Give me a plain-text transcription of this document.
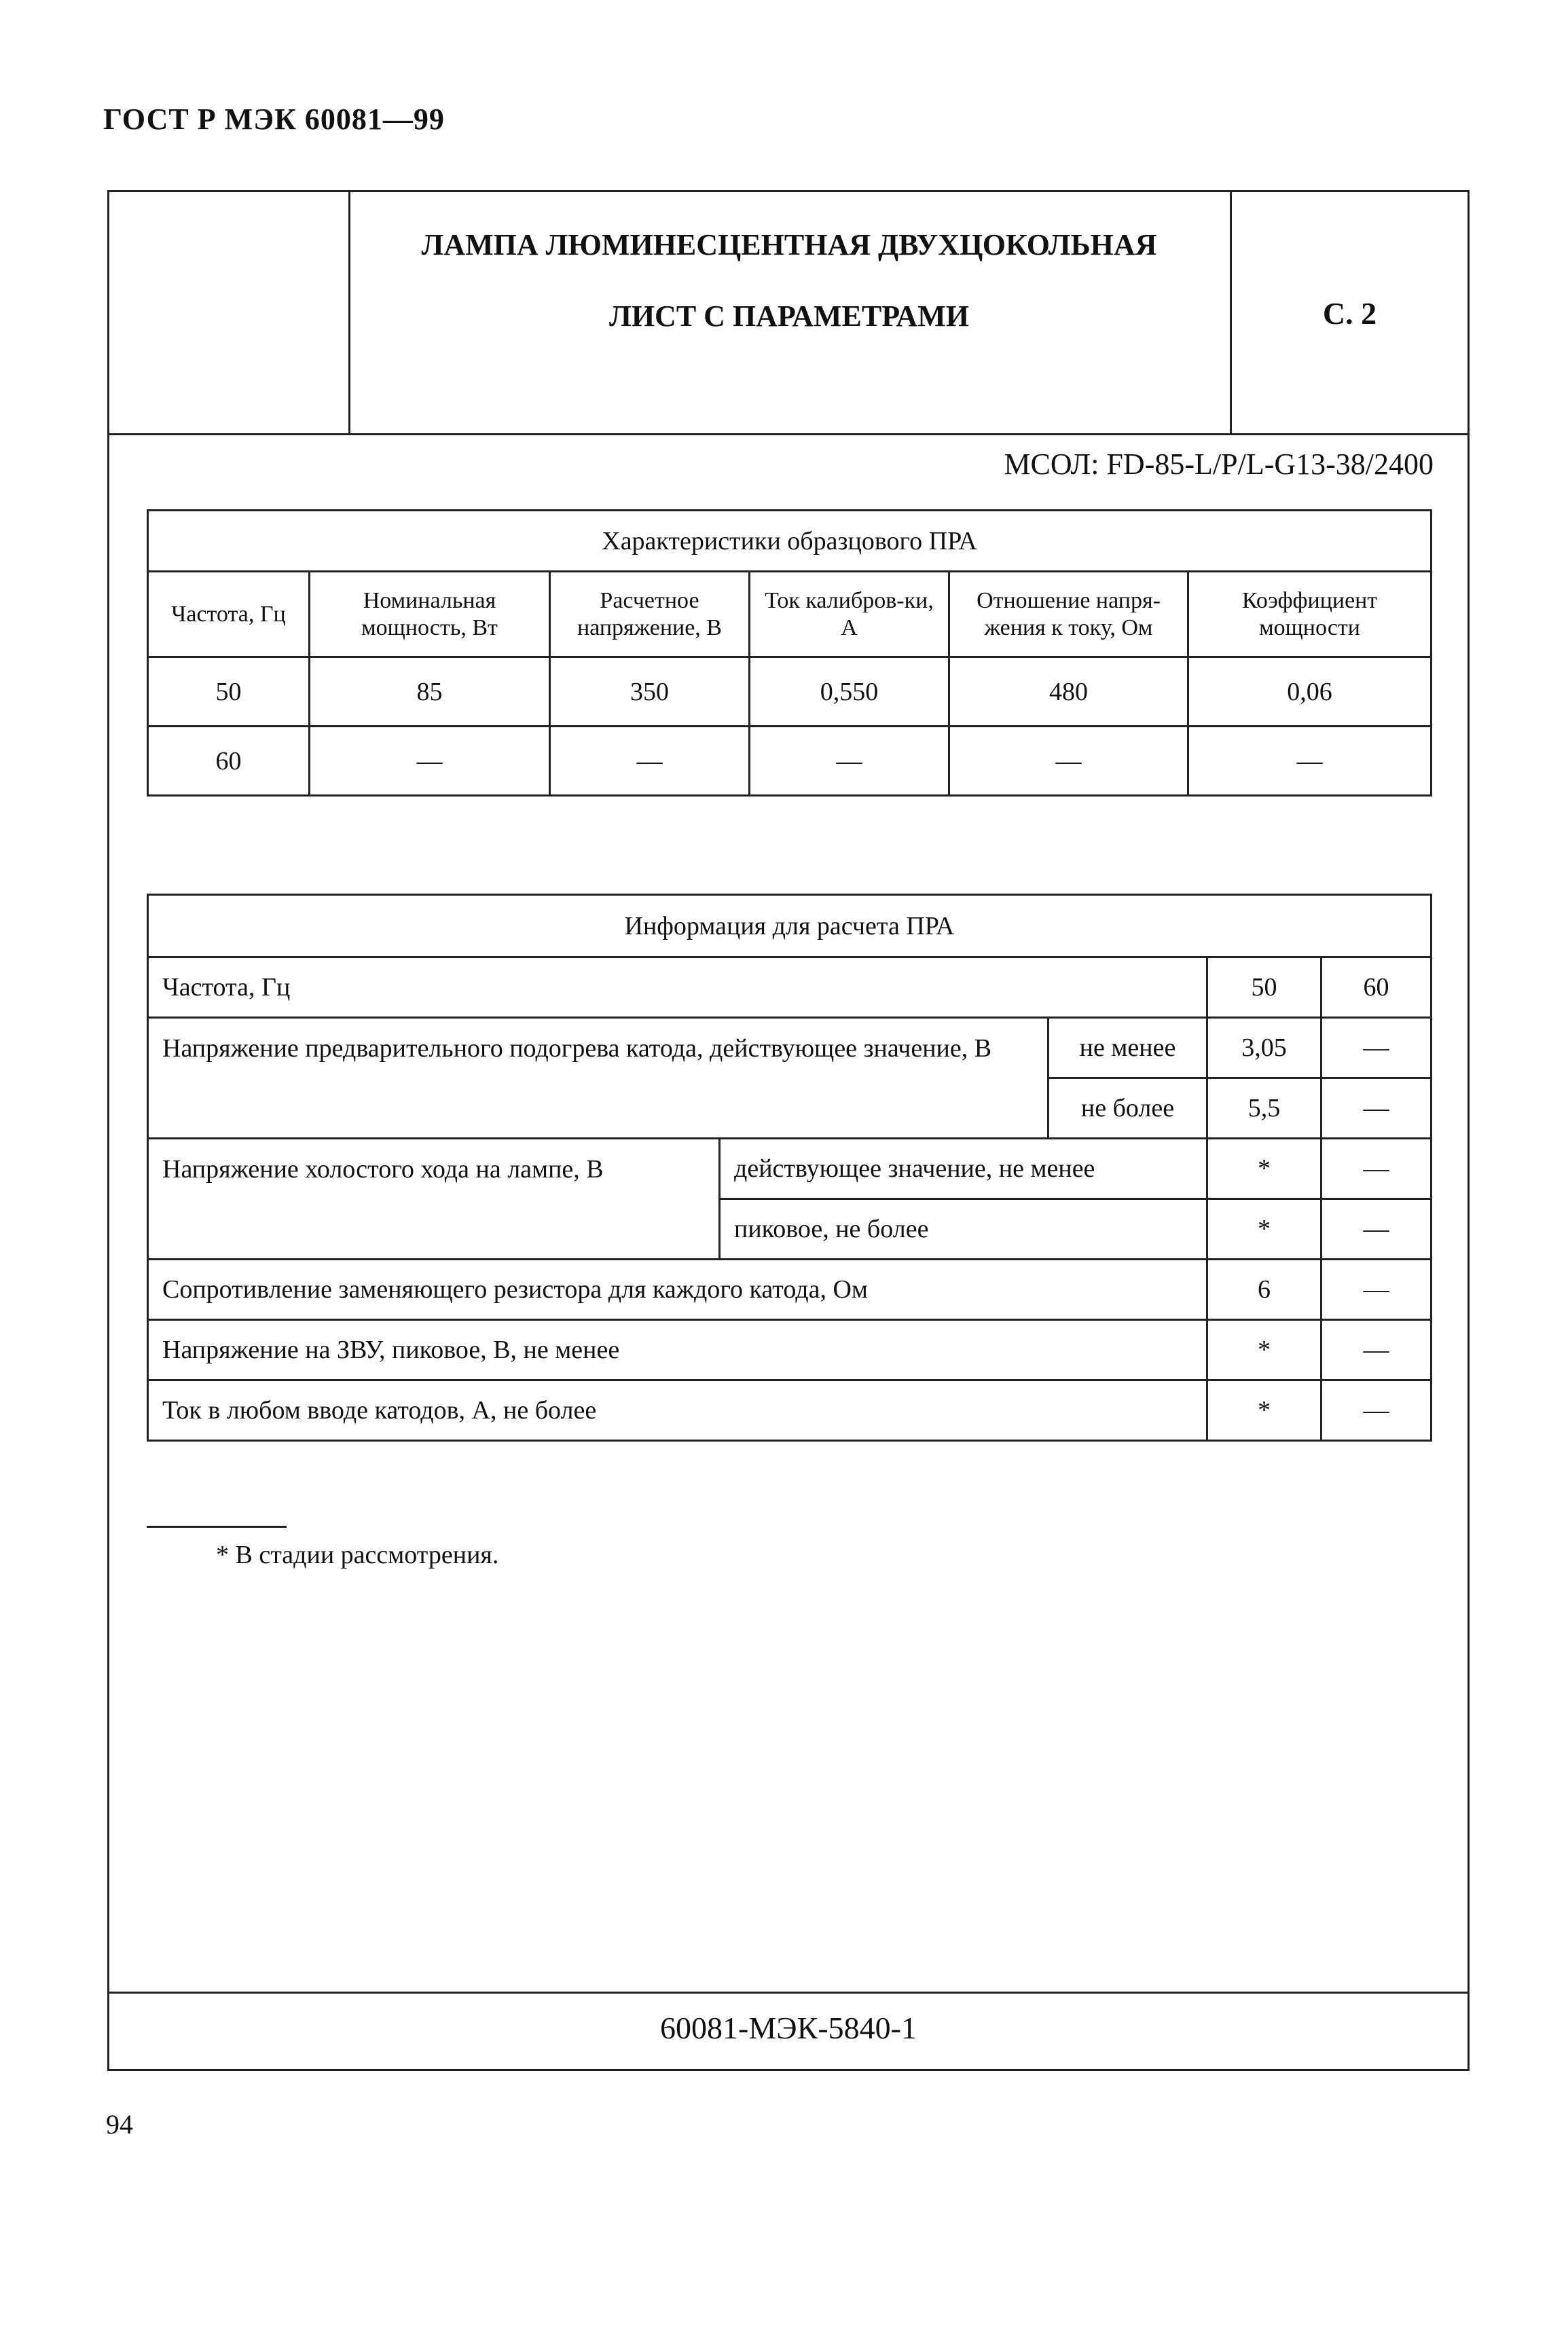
ГОСТ Р МЭК 60081—99
ЛАМПА ЛЮМИНЕСЦЕНТНАЯ ДВУХЦОКОЛЬНАЯ
ЛИСТ С ПАРАМЕТРАМИ	С. 2
МСОЛ: FD-85-L/P/L-G13-38/2400
Характеристики образцового ПРА					
Частота, Гц	Номинальная мощность, Вт	Расчетное напряжение, В	Ток калибров-ки, А	Отношение напря-жения к току, Ом	Коэффициент мощности
50	85	350	0,550	480	0,06
60	—	—	—	—	—
Информация для расчета ПРА				
Частота, Гц			50	60
Напряжение предварительного подогрева катода, действующее значение, В		не менее	3,05	—
		не более	5,5	—
Напряжение холостого хода на лампе, В	действующее значение, не менее		*	—
	пиковое, не более		*	—
Сопротивление заменяющего резистора для каждого катода, Ом			6	—
Напряжение на ЗВУ, пиковое, В, не менее			*	—
Ток в любом вводе катодов, А, не более			*	—
* В стадии рассмотрения.
60081-МЭК-5840-1
94
